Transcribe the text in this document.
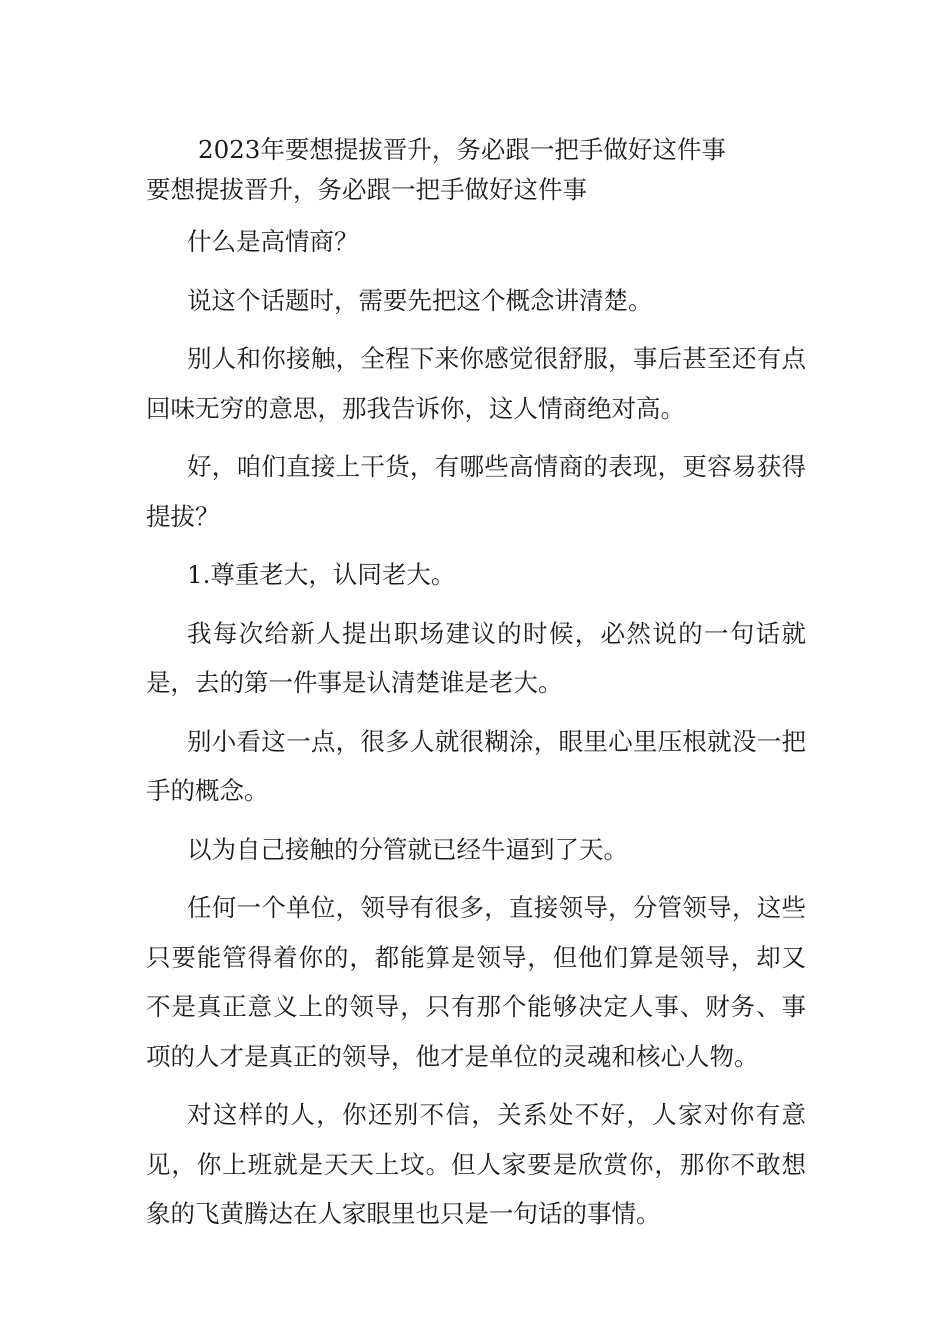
2023年要想提拔晋升，务必跟一把手做好这件事
要想提拔晋升，务必跟一把手做好这件事

什么是高情商？

说这个话题时，需要先把这个概念讲清楚。

别人和你接触，全程下来你感觉很舒服，事后甚至还有点回味无穷的意思，那我告诉你，这人情商绝对高。

好，咱们直接上干货，有哪些高情商的表现，更容易获得提拔？

1.尊重老大，认同老大。

我每次给新人提出职场建议的时候，必然说的一句话就是，去的第一件事是认清楚谁是老大。

别小看这一点，很多人就很糊涂，眼里心里压根就没一把手的概念。

以为自己接触的分管就已经牛逼到了天。

任何一个单位，领导有很多，直接领导，分管领导，这些只要能管得着你的，都能算是领导，但他们算是领导，却又不是真正意义上的领导，只有那个能够决定人事、财务、事项的人才是真正的领导，他才是单位的灵魂和核心人物。

对这样的人，你还别不信，关系处不好，人家对你有意见，你上班就是天天上坟。但人家要是欣赏你，那你不敢想象的飞黄腾达在人家眼里也只是一句话的事情。
